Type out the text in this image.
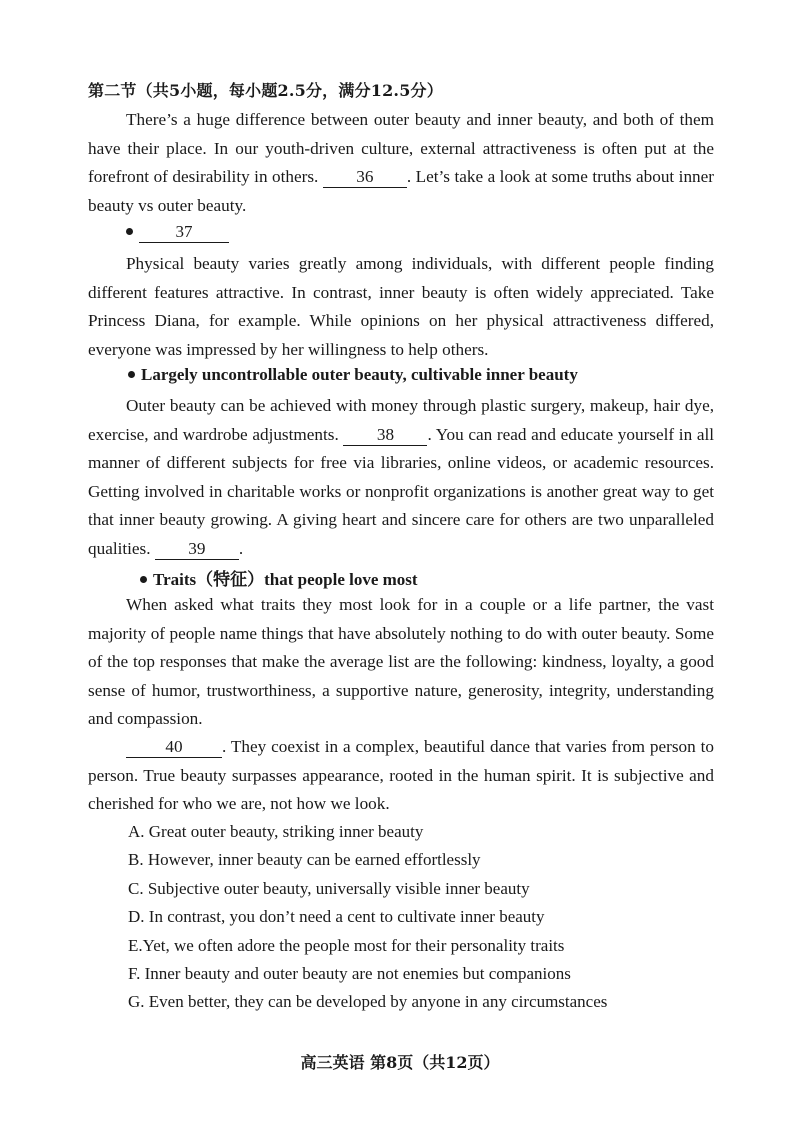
第二节（共5小题，每小题2.5分，满分12.5分）
There’s a huge difference between outer beauty and inner beauty, and both of them have their place. In our youth-driven culture, external attractiveness is often put at the forefront of desirability in others. 36 . Let’s take a look at some truths about inner beauty vs outer beauty.
37
Physical beauty varies greatly among individuals, with different people finding different features attractive. In contrast, inner beauty is often widely appreciated. Take Princess Diana, for example. While opinions on her physical attractiveness differed, everyone was impressed by her willingness to help others.
Largely uncontrollable outer beauty, cultivable inner beauty
Outer beauty can be achieved with money through plastic surgery, makeup, hair dye, exercise, and wardrobe adjustments. 38 . You can read and educate yourself in all manner of different subjects for free via libraries, online videos, or academic resources. Getting involved in charitable works or nonprofit organizations is another great way to get that inner beauty growing. A giving heart and sincere care for others are two unparalleled qualities. 39 .
Traits（特征）that people love most
When asked what traits they most look for in a couple or a life partner, the vast majority of people name things that have absolutely nothing to do with outer beauty. Some of the top responses that make the average list are the following: kindness, loyalty, a good sense of humor, trustworthiness, a supportive nature, generosity, integrity, understanding and compassion.
40 . They coexist in a complex, beautiful dance that varies from person to person. True beauty surpasses appearance, rooted in the human spirit. It is subjective and cherished for who we are, not how we look.
A. Great outer beauty, striking inner beauty
B. However, inner beauty can be earned effortlessly
C. Subjective outer beauty, universally visible inner beauty
D. In contrast, you don’t need a cent to cultivate inner beauty
E.Yet, we often adore the people most for their personality traits
F. Inner beauty and outer beauty are not enemies but companions
G. Even better, they can be developed by anyone in any circumstances
高三英语 第8页（共12页）
